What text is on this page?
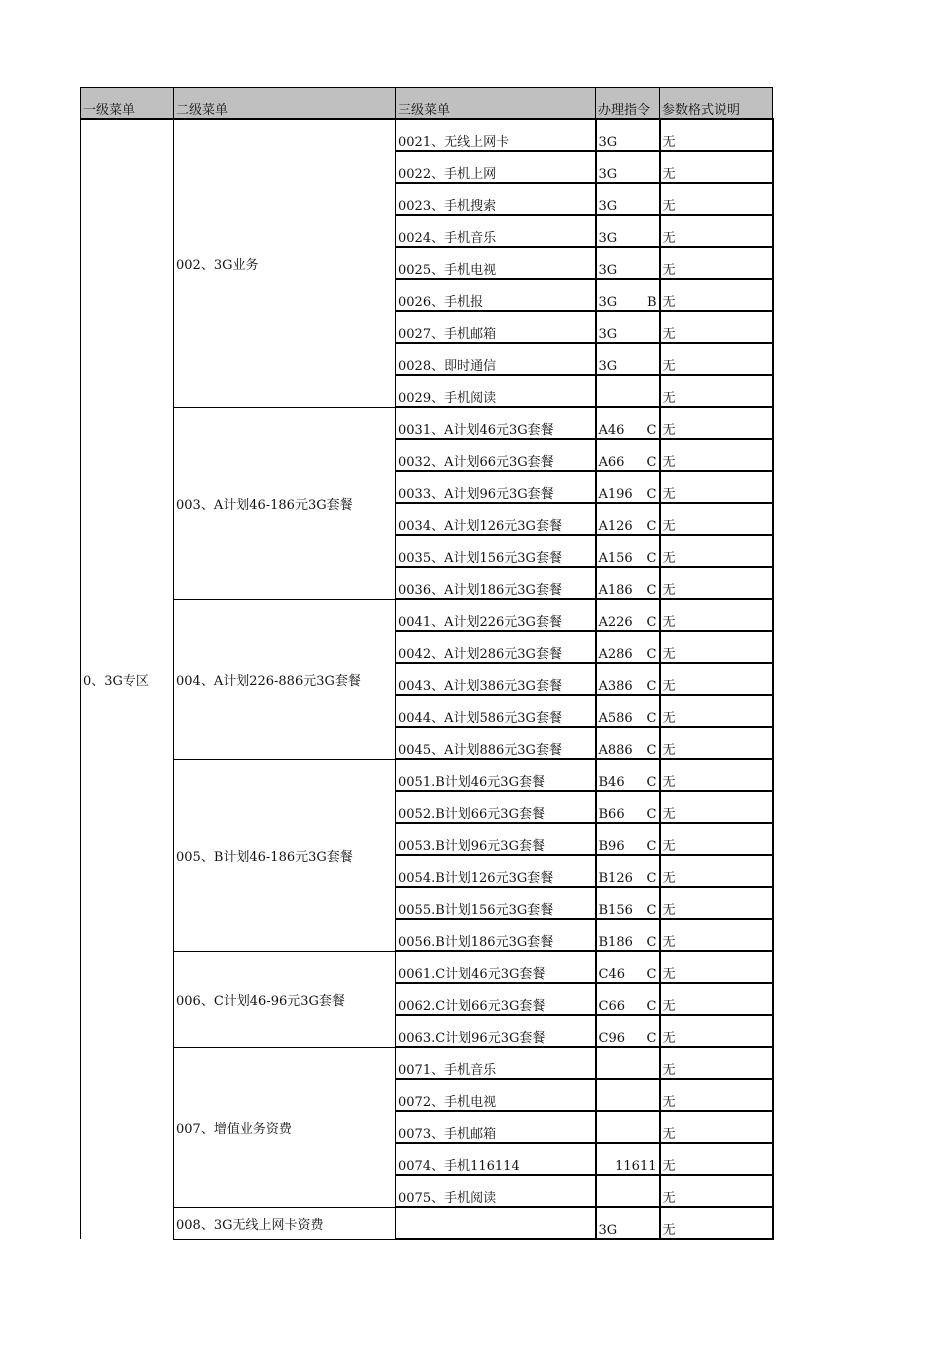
一级菜单	二级菜单	三级菜单	办理指令	参数格式说明
0、3G专区	002、3G业务	0021、无线上网卡	3G	无
		0022、手机上网	3G	无
		0023、手机搜索	3G	无
		0024、手机音乐	3G	无
		0025、手机电视	3G	无
		0026、手机报	3G B	无
		0027、手机邮箱	3G	无
		0028、即时通信	3G	无
		0029、手机阅读		无
	003、A计划46-186元3G套餐	0031、A计划46元3G套餐	A46 C	无
		0032、A计划66元3G套餐	A66 C	无
		0033、A计划96元3G套餐	A196 C	无
		0034、A计划126元3G套餐	A126 C	无
		0035、A计划156元3G套餐	A156 C	无
		0036、A计划186元3G套餐	A186 C	无
	004、A计划226-886元3G套餐	0041、A计划226元3G套餐	A226 C	无
		0042、A计划286元3G套餐	A286 C	无
		0043、A计划386元3G套餐	A386 C	无
		0044、A计划586元3G套餐	A586 C	无
		0045、A计划886元3G套餐	A886 C	无
	005、B计划46-186元3G套餐	0051.B计划46元3G套餐	B46 C	无
		0052.B计划66元3G套餐	B66 C	无
		0053.B计划96元3G套餐	B96 C	无
		0054.B计划126元3G套餐	B126 C	无
		0055.B计划156元3G套餐	B156 C	无
		0056.B计划186元3G套餐	B186 C	无
	006、C计划46-96元3G套餐	0061.C计划46元3G套餐	C46 C	无
		0062.C计划66元3G套餐	C66 C	无
		0063.C计划96元3G套餐	C96 C	无
	007、增值业务资费	0071、手机音乐		无
		0072、手机电视		无
		0073、手机邮箱		无
		0074、手机116114	11611	无
		0075、手机阅读		无
	008、3G无线上网卡资费		3G	无
